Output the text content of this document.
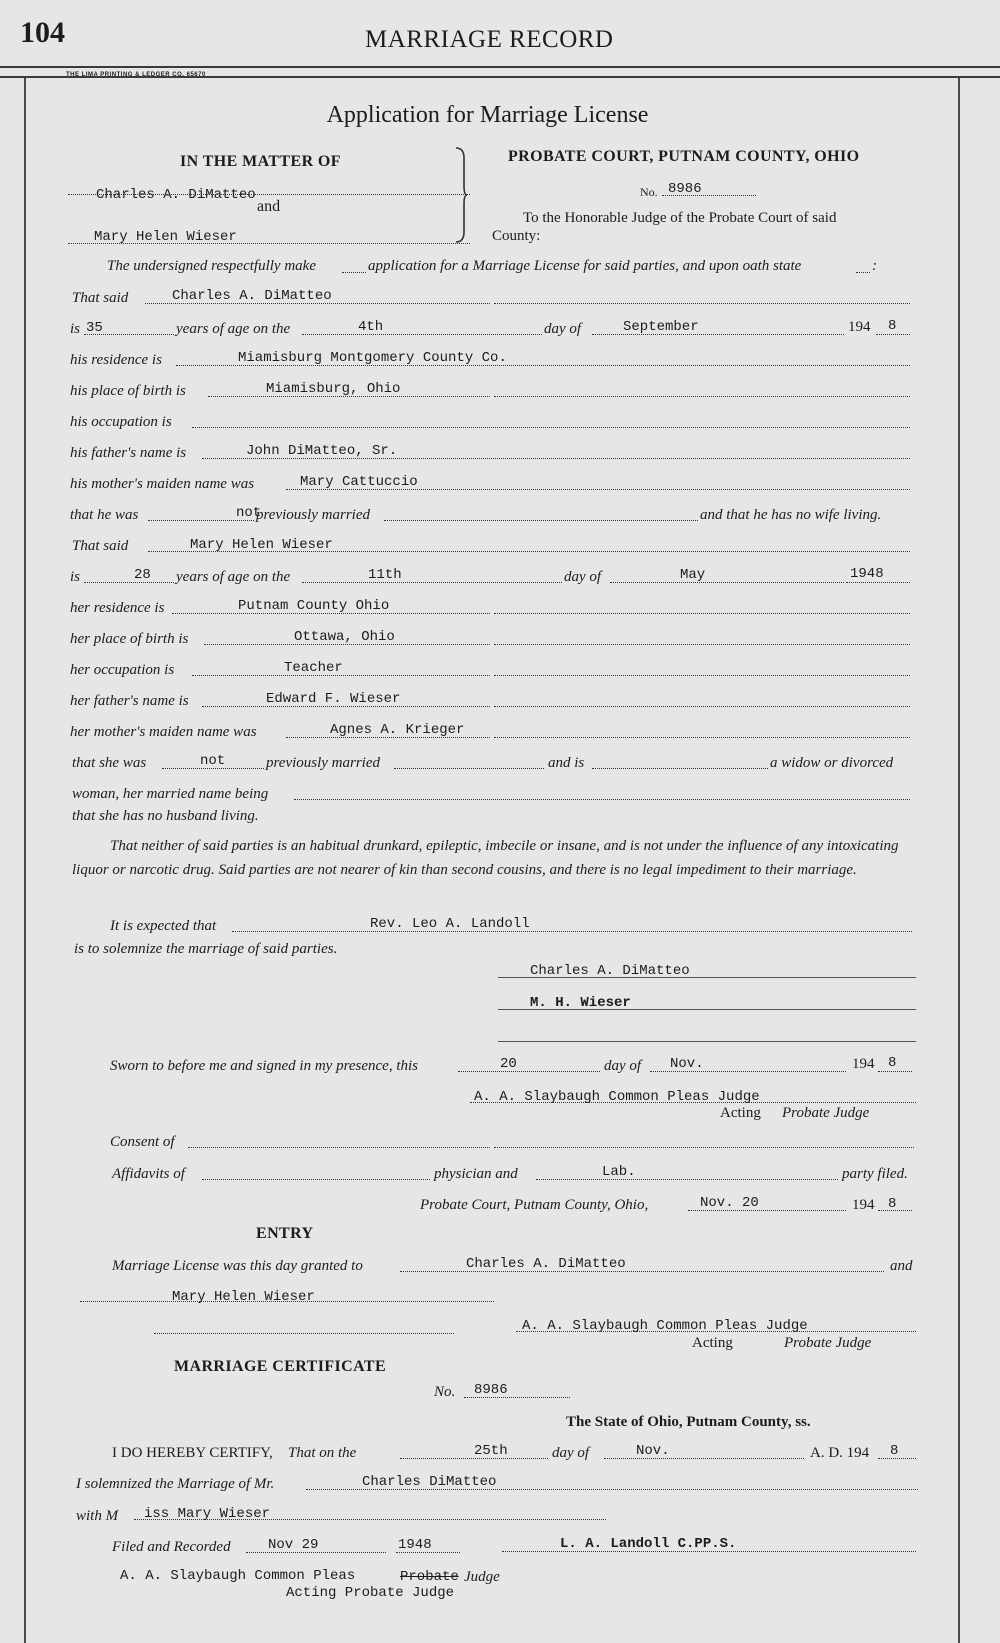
104	MARRIAGE RECORD
THE LIMA PRINTING & LEDGER CO. 65670
Application for Marriage License
IN THE MATTER OF
Charles A. DiMatteo
and
Mary Helen Wieser
PROBATE COURT, PUTNAM COUNTY, OHIO
No. 8986
To the Honorable Judge of the Probate Court of said
County:
The undersigned respectfully make	application for a Marriage License for said parties, and upon oath state	:
That said	Charles A. DiMatteo
is 35	years of age on the	4th	day of	September	194 8
his residence is	Miamisburg Montgomery County Co.
his place of birth is	Miamisburg, Ohio
his occupation is
his father's name is	John DiMatteo, Sr.
his mother's maiden name was	Mary Cattuccio
that he was	not
previously married	and that he has no wife living.
That said	Mary Helen Wieser
is	28 years of age on the	11th	day of	May	1948
her residence is	Putnam County Ohio
her place of birth is	Ottawa, Ohio
her occupation is	Teacher
her father's name is	Edward F. Wieser
her mother's maiden name was	Agnes A. Krieger
that she was	not	previously married	and is	a widow or divorced
woman, her married name being
that she has no husband living.
That neither of said parties is an habitual drunkard, epileptic, imbecile or insane, and is not under the influence of any intoxicating liquor or narcotic drug. Said parties are not nearer of kin than second cousins, and there is no legal impediment to their marriage.
It is expected that	Rev. Leo A. Landoll
is to solemnize the marriage of said parties.
Charles A. DiMatteo
M. H. Wieser
Sworn to before me and signed in my presence, this	20	day of Nov.	194 8
A. A. Slaybaugh Common Pleas Judge
Acting Probate Judge
Consent of
Affidavits of	physician and	Lab.	party filed.
Probate Court, Putnam County, Ohio,	Nov. 20	194 8
ENTRY
Marriage License was this day granted to	Charles A. DiMatteo	and
Mary Helen Wieser
A. A. Slaybaugh Common Pleas Judge
Acting	Probate Judge
MARRIAGE CERTIFICATE
No. 8986
The State of Ohio, Putnam County, ss.
I DO HEREBY CERTIFY, That on the	25th	day of	Nov.	A. D. 194 8
I solemnized the Marriage of Mr.	Charles DiMatteo
with M iss Mary Wieser
Filed and Recorded	Nov 29	1948	L. A. Landoll C.PP.S.
A. A. Slaybaugh Common Pleas	Probate Judge
Acting Probate Judge
